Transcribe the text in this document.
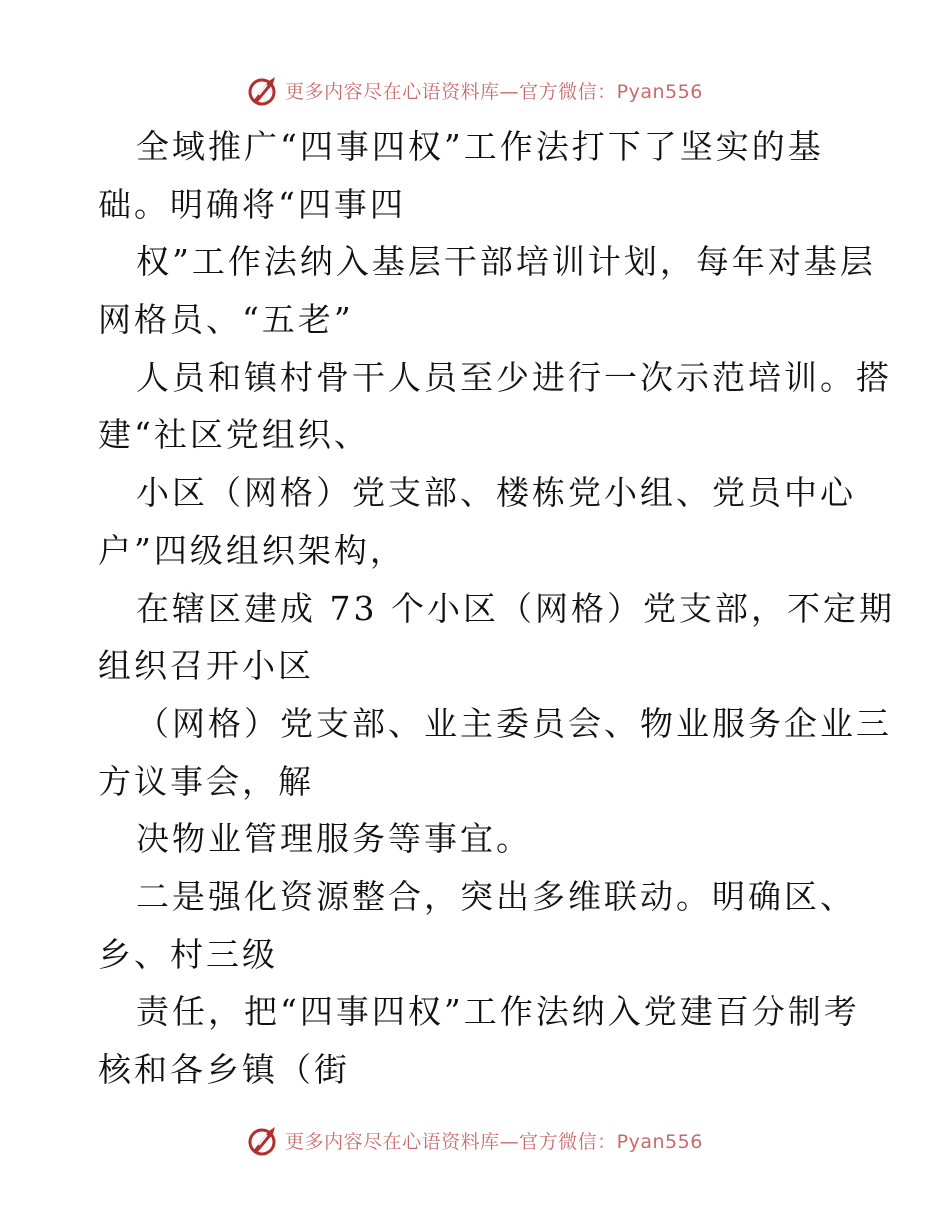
更多内容尽在心语资料库—官方微信：Pyan556
全域推广“四事四权”工作法打下了坚实的基
础。明确将“四事四
权”工作法纳入基层干部培训计划，每年对基层
网格员、“五老”
人员和镇村骨干人员至少进行一次示范培训。搭
建“社区党组织、
小区（网格）党支部、楼栋党小组、党员中心
户”四级组织架构，
在辖区建成 73 个小区（网格）党支部，不定期
组织召开小区
（网格）党支部、业主委员会、物业服务企业三
方议事会，解
决物业管理服务等事宜。
二是强化资源整合，突出多维联动。明确区、
乡、村三级
责任，把“四事四权”工作法纳入党建百分制考
核和各乡镇（街
更多内容尽在心语资料库—官方微信：Pyan556
